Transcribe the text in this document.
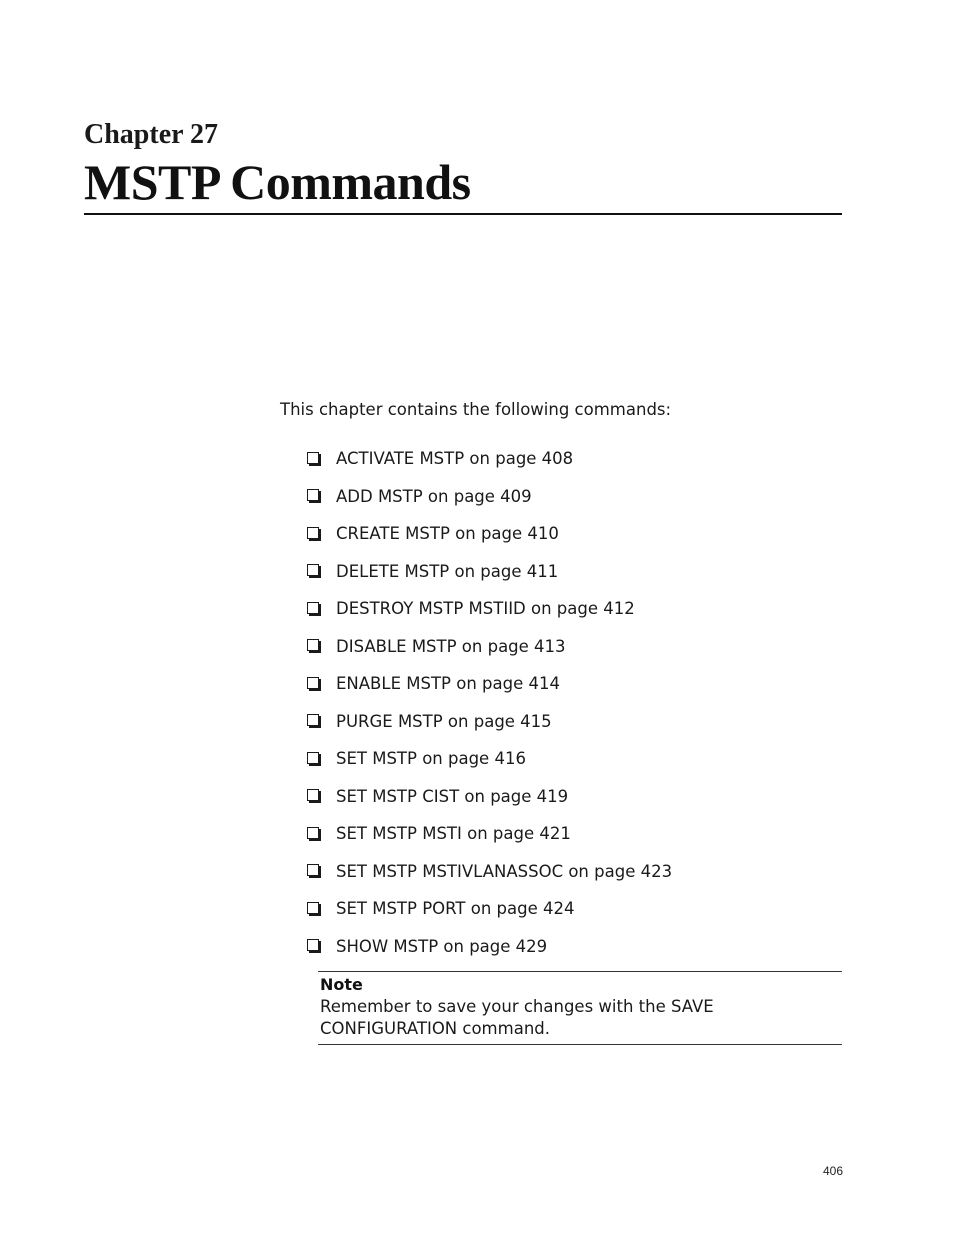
Chapter 27
MSTP Commands

This chapter contains the following commands:

ACTIVATE MSTP on page 408
ADD MSTP on page 409
CREATE MSTP on page 410
DELETE MSTP on page 411
DESTROY MSTP MSTIID on page 412
DISABLE MSTP on page 413
ENABLE MSTP on page 414
PURGE MSTP on page 415
SET MSTP on page 416
SET MSTP CIST on page 419
SET MSTP MSTI on page 421
SET MSTP MSTIVLANASSOC on page 423
SET MSTP PORT on page 424
SHOW MSTP on page 429
Note
Remember to save your changes with the SAVE CONFIGURATION command.
406
